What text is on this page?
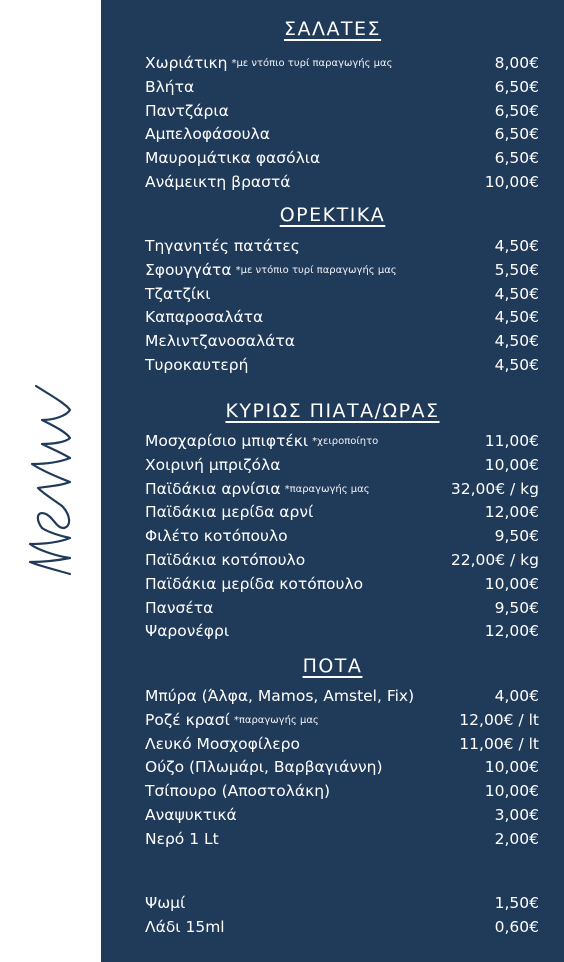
ΣΑΛΑΤΕΣ
Χωριάτικη *με ντόπιο τυρί παραγωγής μας	8,00€
Βλήτα	6,50€
Παντζάρια	6,50€
Αμπελοφάσουλα	6,50€
Μαυρομάτικα φασόλια	6,50€
Ανάμεικτη βραστά	10,00€
ΟΡΕΚΤΙΚΑ
Τηγανητές πατάτες	4,50€
Σφουγγάτα *με ντόπιο τυρί παραγωγής μας	5,50€
Τζατζίκι	4,50€
Καπαροσαλάτα	4,50€
Μελιντζανοσαλάτα	4,50€
Τυροκαυτερή	4,50€
ΚΥΡΙΩΣ ΠΙΑΤΑ/ΩΡΑΣ
Μοσχαρίσιο μπιφτέκι *χειροποίητο	11,00€
Χοιρινή μπριζόλα	10,00€
Παϊδάκια αρνίσια *παραγωγής μας	32,00€ / kg
Παϊδάκια μερίδα αρνί	12,00€
Φιλέτο κοτόπουλο	9,50€
Παϊδάκια κοτόπουλο	22,00€ / kg
Παϊδάκια μερίδα κοτόπουλο	10,00€
Πανσέτα	9,50€
Ψαρονέφρι	12,00€
ΠΟΤΑ
Μπύρα (Άλφα, Mamos, Amstel, Fix)	4,00€
Ροζέ κρασί *παραγωγής μας	12,00€ / lt
Λευκό Μοσχοφίλερο	11,00€ / lt
Ούζο (Πλωμάρι, Βαρβαγιάννη)	10,00€
Τσίπουρο (Αποστολάκη)	10,00€
Αναψυκτικά	3,00€
Νερό 1 Lt	2,00€
Ψωμί	1,50€
Λάδι 15ml	0,60€
